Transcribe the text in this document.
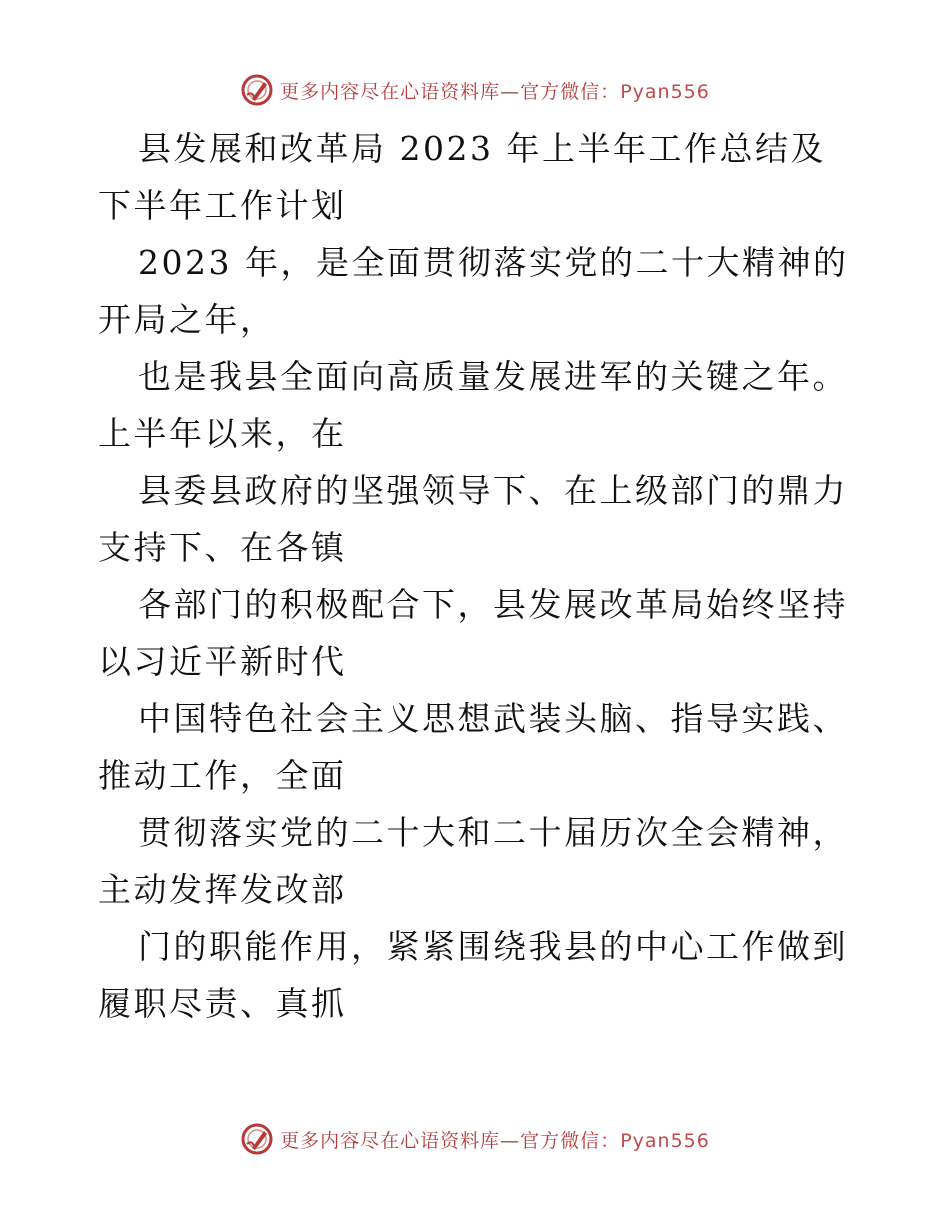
更多内容尽在心语资料库—官方微信：Pyan556

县发展和改革局 2023 年上半年工作总结及下半年工作计划

2023 年，是全面贯彻落实党的二十大精神的开局之年，

也是我县全面向高质量发展进军的关键之年。上半年以来，在

县委县政府的坚强领导下、在上级部门的鼎力支持下、在各镇

各部门的积极配合下，县发展改革局始终坚持以习近平新时代

中国特色社会主义思想武装头脑、指导实践、推动工作，全面

贯彻落实党的二十大和二十届历次全会精神，主动发挥发改部

门的职能作用，紧紧围绕我县的中心工作做到履职尽责、真抓

更多内容尽在心语资料库—官方微信：Pyan556
